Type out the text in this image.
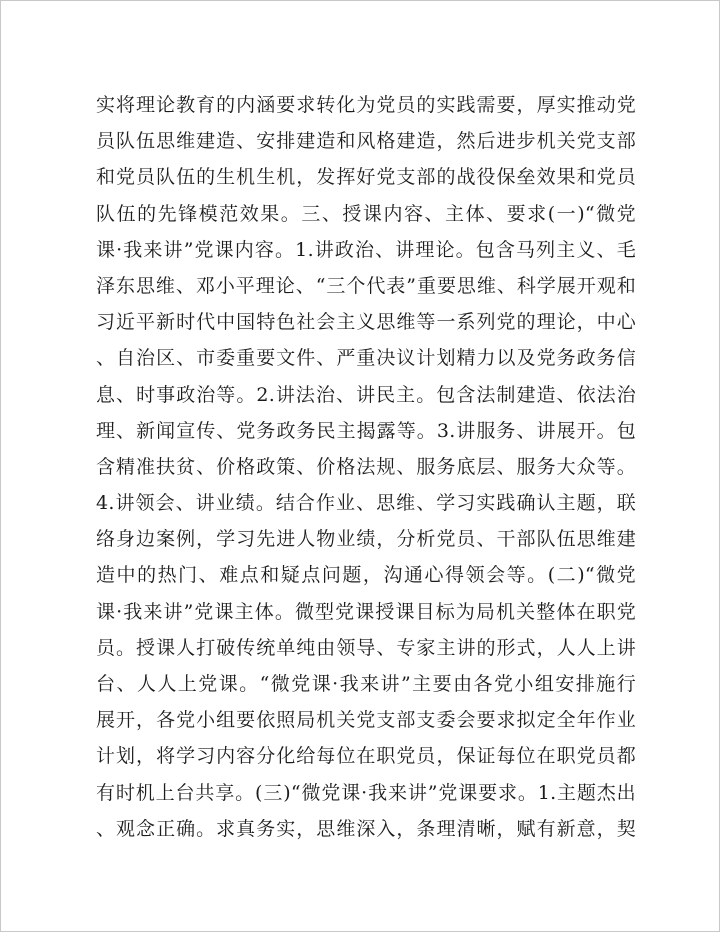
实将理论教育的内涵要求转化为党员的实践需要，厚实推动党
员队伍思维建造、安排建造和风格建造，然后进步机关党支部
和党员队伍的生机生机，发挥好党支部的战役保垒效果和党员
队伍的先锋模范效果。三、授课内容、主体、要求(一)“微党
课·我来讲”党课内容。1.讲政治、讲理论。包含马列主义、毛
泽东思维、邓小平理论、“三个代表”重要思维、科学展开观和
习近平新时代中国特色社会主义思维等一系列党的理论，中心
、自治区、市委重要文件、严重决议计划精力以及党务政务信
息、时事政治等。2.讲法治、讲民主。包含法制建造、依法治
理、新闻宣传、党务政务民主揭露等。3.讲服务、讲展开。包
含精准扶贫、价格政策、价格法规、服务底层、服务大众等。
4.讲领会、讲业绩。结合作业、思维、学习实践确认主题，联
络身边案例，学习先进人物业绩，分析党员、干部队伍思维建
造中的热门、难点和疑点问题，沟通心得领会等。(二)“微党
课·我来讲”党课主体。微型党课授课目标为局机关整体在职党
员。授课人打破传统单纯由领导、专家主讲的形式，人人上讲
台、人人上党课。“微党课·我来讲”主要由各党小组安排施行
展开，各党小组要依照局机关党支部支委会要求拟定全年作业
计划，将学习内容分化给每位在职党员，保证每位在职党员都
有时机上台共享。(三)“微党课·我来讲”党课要求。1.主题杰出
、观念正确。求真务实，思维深入，条理清晰，赋有新意，契
